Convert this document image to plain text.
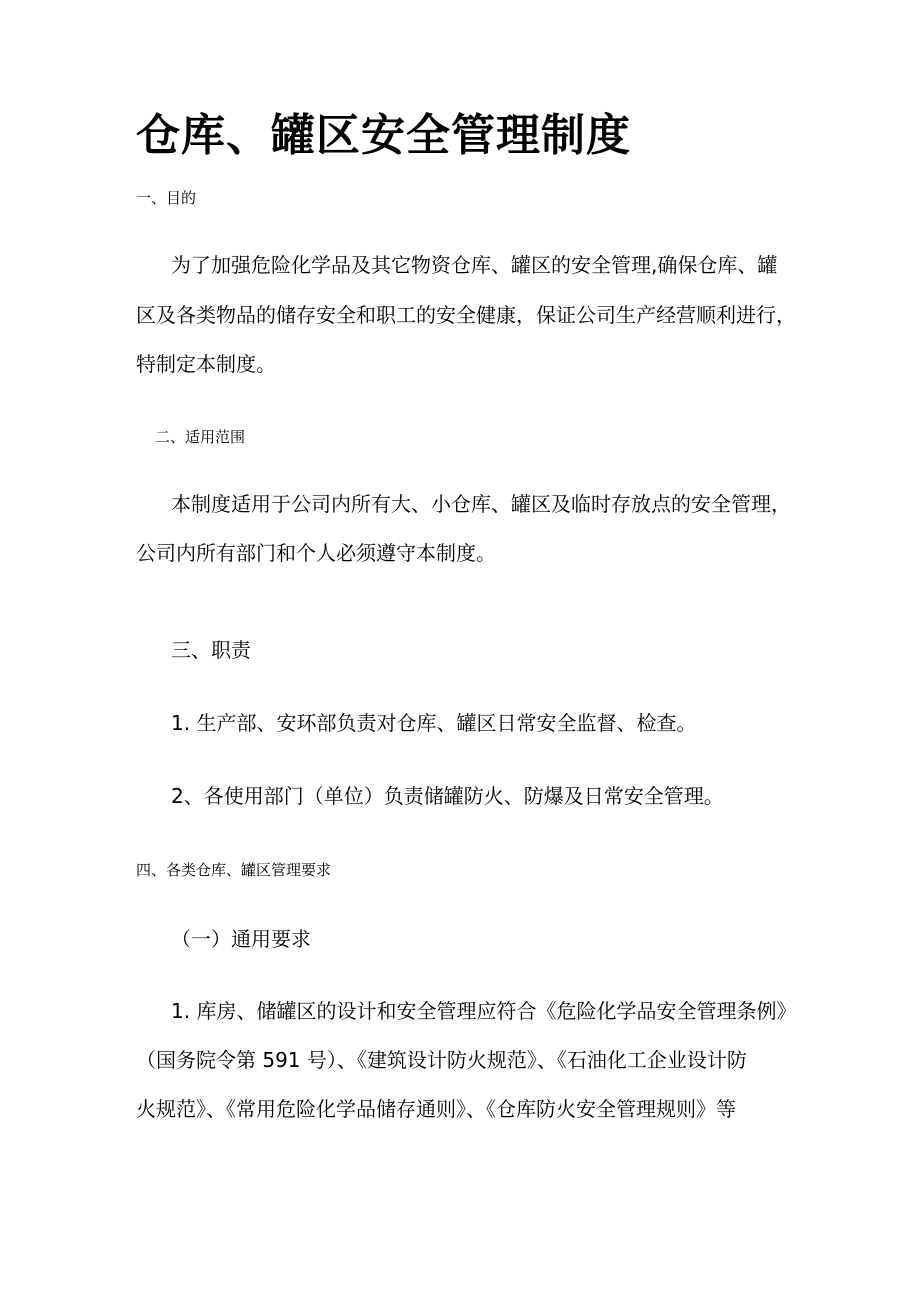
仓库、罐区安全管理制度

一、目的

为了加强危险化学品及其它物资仓库、罐区的安全管理,确保仓库、罐

区及各类物品的储存安全和职工的安全健康，保证公司生产经营顺利进行，

特制定本制度。

二、适用范围

本制度适用于公司内所有大、小仓库、罐区及临时存放点的安全管理，

公司内所有部门和个人必须遵守本制度。

三、职责

1. 生产部、安环部负责对仓库、罐区日常安全监督、检查。

2、各使用部门（单位）负责储罐防火、防爆及日常安全管理。

四、各类仓库、罐区管理要求

（一）通用要求

1. 库房、储罐区的设计和安全管理应符合《危险化学品安全管理条例》

（国务院令第 591 号）、《建筑设计防火规范》、《石油化工企业设计防

火规范》、《常用危险化学品储存通则》、《仓库防火安全管理规则》等
